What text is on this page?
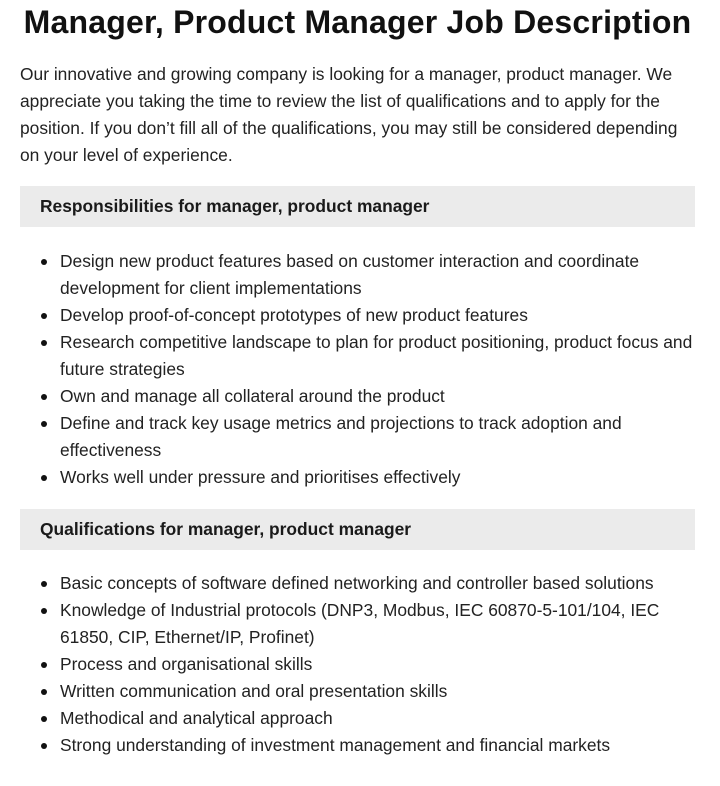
Manager, Product Manager Job Description

Our innovative and growing company is looking for a manager, product manager. We appreciate you taking the time to review the list of qualifications and to apply for the position. If you don’t fill all of the qualifications, you may still be considered depending on your level of experience.

Responsibilities for manager, product manager
Design new product features based on customer interaction and coordinate development for client implementations
Develop proof-of-concept prototypes of new product features
Research competitive landscape to plan for product positioning, product focus and future strategies
Own and manage all collateral around the product
Define and track key usage metrics and projections to track adoption and effectiveness
Works well under pressure and prioritises effectively
Qualifications for manager, product manager
Basic concepts of software defined networking and controller based solutions
Knowledge of Industrial protocols (DNP3, Modbus, IEC 60870-5-101/104, IEC 61850, CIP, Ethernet/IP, Profinet)
Process and organisational skills
Written communication and oral presentation skills
Methodical and analytical approach
Strong understanding of investment management and financial markets
